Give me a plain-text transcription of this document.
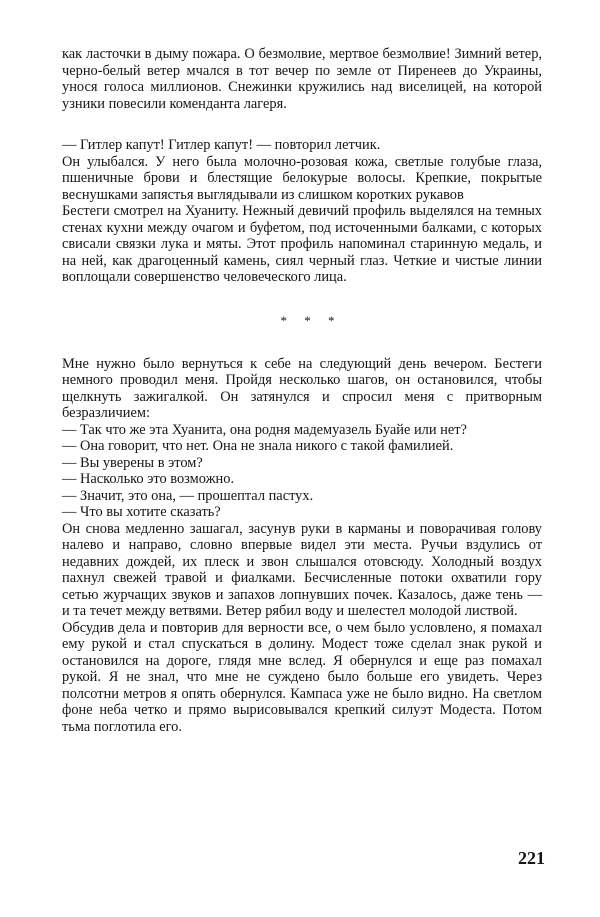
как ласточки в дыму пожара. О безмолвие, мертвое безмолвие! Зимний ветер, черно-белый ветер мчался в тот вечер по земле от Пиренеев до Украины, унося голоса миллионов. Снежинки кружились над виселицей, на которой узники повесили коменданта лагеря.

— Гитлер капут! Гитлер капут! — повторил летчик.

Он улыбался. У него была молочно-розовая кожа, светлые голубые глаза, пшеничные брови и блестящие белокурые волосы. Крепкие, покрытые веснушками запястья выглядывали из слишком коротких рукавов

Бестеги смотрел на Хуаниту. Нежный девичий профиль выделялся на темных стенах кухни между очагом и буфетом, под источенными балками, с которых свисали связки лука и мяты. Этот профиль напоминал старинную медаль, и на ней, как драгоценный камень, сиял черный глаз. Четкие и чистые линии воплощали совершенство человеческого лица.

* * *

Мне нужно было вернуться к себе на следующий день вечером. Бестеги немного проводил меня. Пройдя несколько шагов, он остановился, чтобы щелкнуть зажигалкой. Он затянулся и спросил меня с притворным безразличием:

— Так что же эта Хуанита, она родня мадемуазель Буайе или нет?

— Она говорит, что нет. Она не знала никого с такой фамилией.

— Вы уверены в этом?

— Насколько это возможно.

— Значит, это она, — прошептал пастух.

— Что вы хотите сказать?

Он снова медленно зашагал, засунув руки в карманы и поворачивая голову налево и направо, словно впервые видел эти места. Ручьи вздулись от недавних дождей, их плеск и звон слышался отовсюду. Холодный воздух пахнул свежей травой и фиалками. Бесчисленные потоки охватили гору сетью журчащих звуков и запахов лопнувших почек. Казалось, даже тень — и та течет между ветвями. Ветер рябил воду и шелестел молодой листвой.

Обсудив дела и повторив для верности все, о чем было условлено, я помахал ему рукой и стал спускаться в долину. Модест тоже сделал знак рукой и остановился на дороге, глядя мне вслед. Я обернулся и еще раз помахал рукой. Я не знал, что мне не суждено было больше его увидеть. Через полсотни метров я опять обернулся. Кампаса уже не было видно. На светлом фоне неба четко и прямо вырисовывался крепкий силуэт Модеста. Потом тьма поглотила его.

221
